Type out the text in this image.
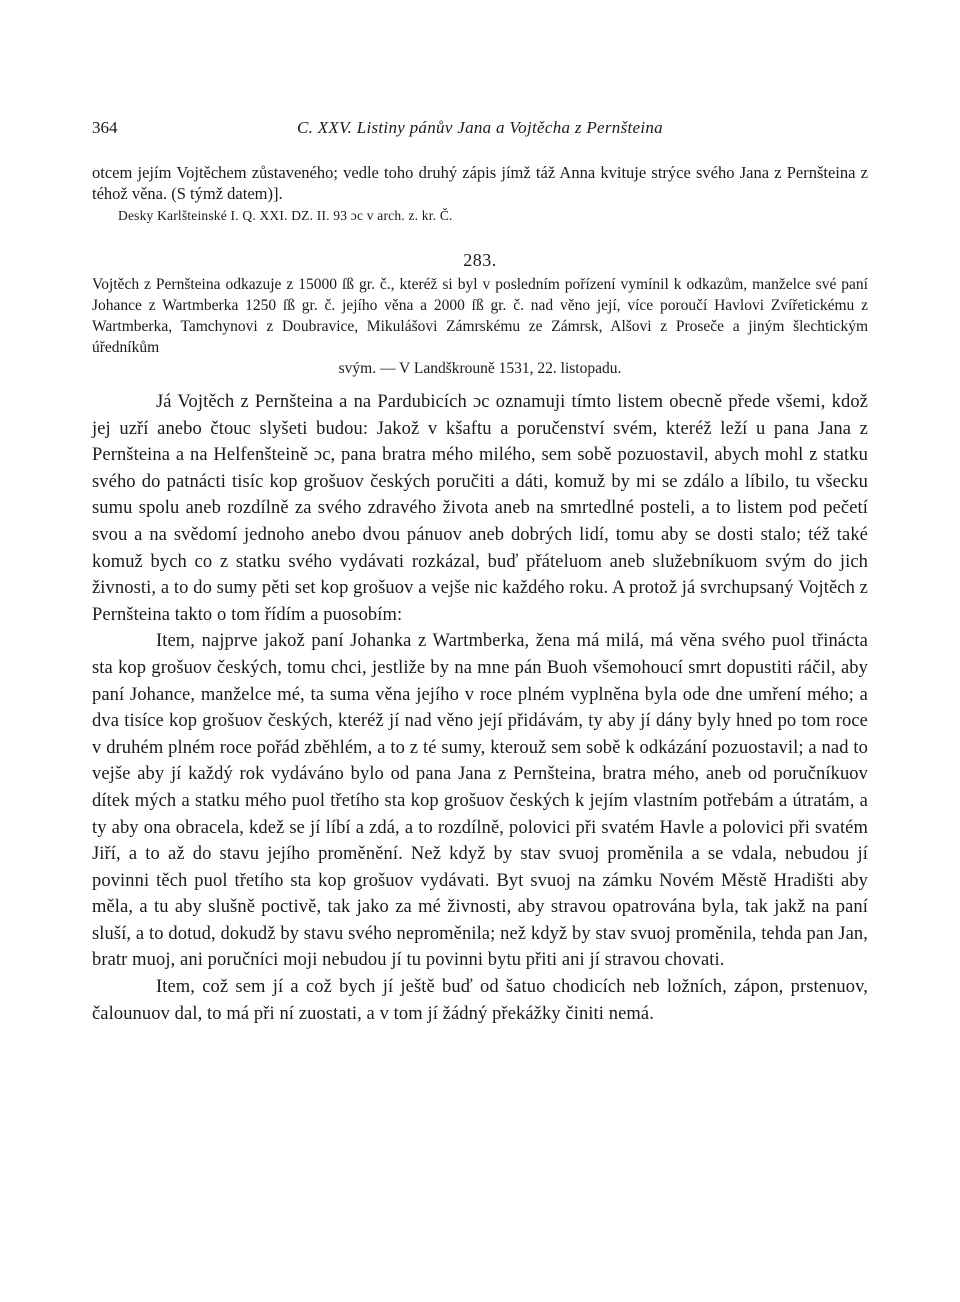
364	C. XXV. Listiny pánův Jana a Vojtěcha z Pernšteina

otcem jejím Vojtěchem zůstaveného; vedle toho druhý zápis jímž táž Anna kvituje strýce svého Jana z Pernšteina z téhož věna. (S týmž datem)].

Desky Karlšteinské I. Q. XXI. DZ. II. 93 ɔc v arch. z. kr. Č.
283.

Vojtěch z Pernšteina odkazuje z 15000 ſß gr. č., kteréž si byl v posledním pořízení vymínil k odkazům, manželce své paní Johance z Wartmberka 1250 ſß gr. č. jejího věna a 2000 ſß gr. č. nad věno její, více poroučí Havlovi Zvířetickému z Wartmberka, Tamchynovi z Doubravice, Mikulášovi Zámrskému ze Zámrsk, Alšovi z Proseče a jiným šlechtickým úředníkům

svým. — V Landškrouně 1531, 22. listopadu.

Já Vojtěch z Pernšteina a na Pardubicích ɔc oznamuji tímto listem obecně přede všemi, kdož jej uzří anebo čtouc slyšeti budou: Jakož v kšaftu a poručenství svém, kteréž leží u pana Jana z Pernšteina a na Helfenšteině ɔc, pana bratra mého milého, sem sobě pozuostavil, abych mohl z statku svého do patnácti tisíc kop grošuov českých poručiti a dáti, komuž by mi se zdálo a líbilo, tu všecku sumu spolu aneb rozdílně za svého zdravého života aneb na smrtedlné posteli, a to listem pod pečetí svou a na svědomí jednoho anebo dvou pánuov aneb dobrých lidí, tomu aby se dosti stalo; též také komuž bych co z statku svého vydávati rozkázal, buď přáteluom aneb služebníkuom svým do jich živnosti, a to do sumy pěti set kop grošuov a vejše nic každého roku. A protož já svrchupsaný Vojtěch z Pernšteina takto o tom řídím a puosobím:

Item, najprve jakož paní Johanka z Wartmberka, žena má milá, má věna svého puol třinácta sta kop grošuov českých, tomu chci, jestliže by na mne pán Buoh všemohoucí smrt dopustiti ráčil, aby paní Johance, manželce mé, ta suma věna jejího v roce plném vyplněna byla ode dne umření mého; a dva tisíce kop grošuov českých, kteréž jí nad věno její přidávám, ty aby jí dány byly hned po tom roce v druhém plném roce pořád zběhlém, a to z té sumy, kterouž sem sobě k odkázání pozuostavil; a nad to vejše aby jí každý rok vydáváno bylo od pana Jana z Pernšteina, bratra mého, aneb od poručníkuov dítek mých a statku mého puol třetího sta kop grošuov českých k jejím vlastním potřebám a útratám, a ty aby ona obracela, kdež se jí líbí a zdá, a to rozdílně, polovici při svatém Havle a polovici při svatém Jiří, a to až do stavu jejího proměnění. Než když by stav svuoj proměnila a se vdala, nebudou jí povinni těch puol třetího sta kop grošuov vydávati. Byt svuoj na zámku Novém Městě Hradišti aby měla, a tu aby slušně poctivě, tak jako za mé živnosti, aby stravou opatrována byla, tak jakž na paní sluší, a to dotud, dokudž by stavu svého neproměnila; než když by stav svuoj proměnila, tehda pan Jan, bratr muoj, ani poručníci moji nebudou jí tu povinni bytu přiti ani jí stravou chovati.

Item, což sem jí a což bych jí ještě buď od šatuo chodicích neb ložních, zápon, prstenuov, čalounuov dal, to má při ní zuostati, a v tom jí žádný překážky činiti nemá.
